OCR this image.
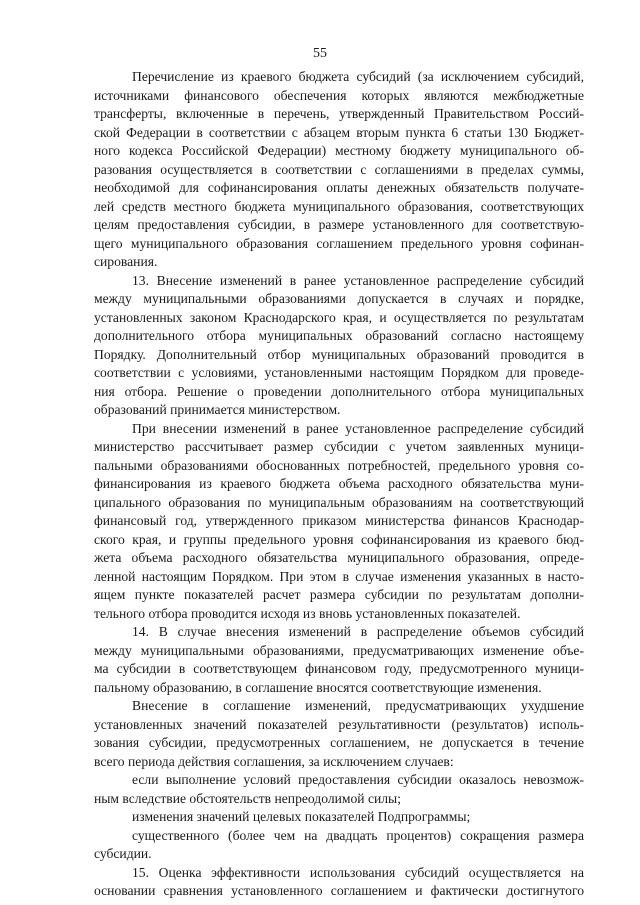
55
Перечисление из краевого бюджета субсидий (за исключением субсидий,
источниками финансового обеспечения которых являются межбюджетные
трансферты, включенные в перечень, утвержденный Правительством Россий-
ской Федерации в соответствии с абзацем вторым пункта 6 статьи 130 Бюджет-
ного кодекса Российской Федерации) местному бюджету муниципального об-
разования осуществляется в соответствии с соглашениями в пределах суммы,
необходимой для софинансирования оплаты денежных обязательств получате-
лей средств местного бюджета муниципального образования, соответствующих
целям предоставления субсидии, в размере установленного для соответствую-
щего муниципального образования соглашением предельного уровня софинан-
сирования.
13. Внесение изменений в ранее установленное распределение субсидий
между муниципальными образованиями допускается в случаях и порядке,
установленных законом Краснодарского края, и осуществляется по результатам
дополнительного отбора муниципальных образований согласно настоящему
Порядку. Дополнительный отбор муниципальных образований проводится в
соответствии с условиями, установленными настоящим Порядком для проведе-
ния отбора. Решение о проведении дополнительного отбора муниципальных
образований принимается министерством.
При внесении изменений в ранее установленное распределение субсидий
министерство рассчитывает размер субсидии с учетом заявленных муници-
пальными образованиями обоснованных потребностей, предельного уровня со-
финансирования из краевого бюджета объема расходного обязательства муни-
ципального образования по муниципальным образованиям на соответствующий
финансовый год, утвержденного приказом министерства финансов Краснодар-
ского края, и группы предельного уровня софинансирования из краевого бюд-
жета объема расходного обязательства муниципального образования, опреде-
ленной настоящим Порядком. При этом в случае изменения указанных в насто-
ящем пункте показателей расчет размера субсидии по результатам дополни-
тельного отбора проводится исходя из вновь установленных показателей.
14. В случае внесения изменений в распределение объемов субсидий
между муниципальными образованиями, предусматривающих изменение объе-
ма субсидии в соответствующем финансовом году, предусмотренного муници-
пальному образованию, в соглашение вносятся соответствующие изменения.
Внесение в соглашение изменений, предусматривающих ухудшение
установленных значений показателей результативности (результатов) исполь-
зования субсидии, предусмотренных соглашением, не допускается в течение
всего периода действия соглашения, за исключением случаев:
если выполнение условий предоставления субсидии оказалось невозмож-
ным вследствие обстоятельств непреодолимой силы;
изменения значений целевых показателей Подпрограммы;
существенного (более чем на двадцать процентов) сокращения размера
субсидии.
15. Оценка эффективности использования субсидий осуществляется на
основании сравнения установленного соглашением и фактически достигнутого
